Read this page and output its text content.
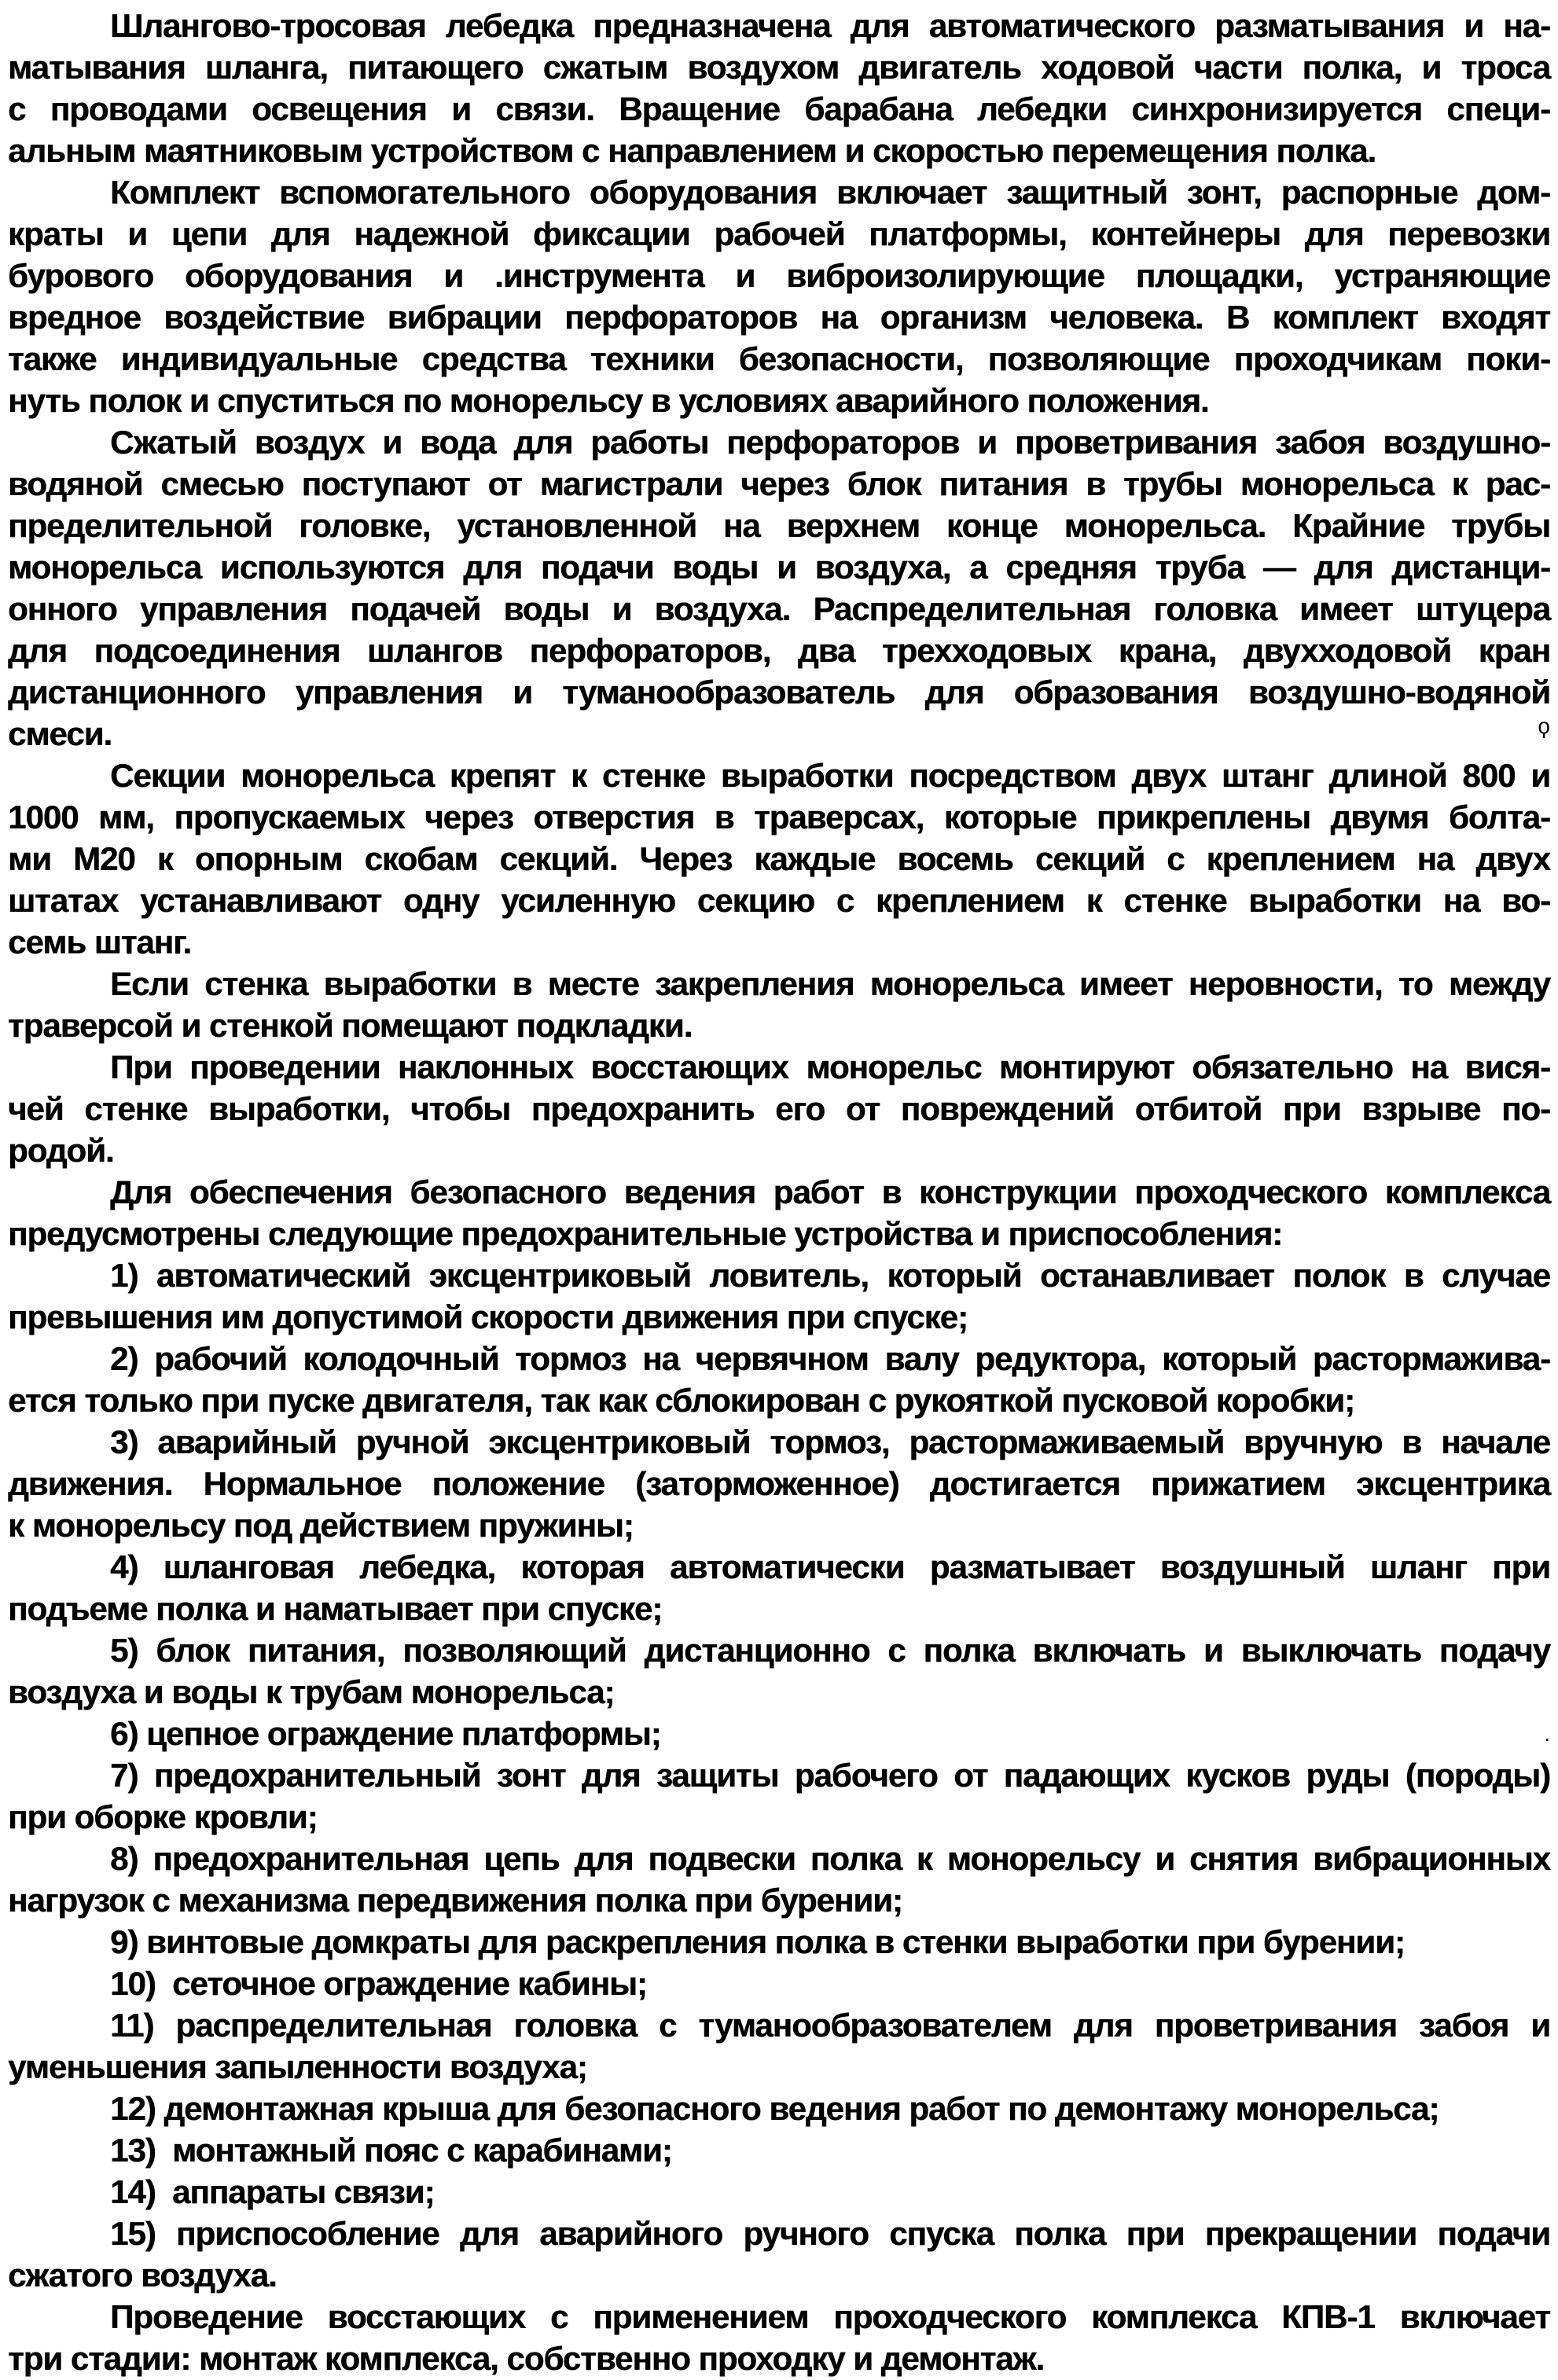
Шлангово-тросовая лебедка предназначена для автоматического разматывания и на-
матывания шланга, питающего сжатым воздухом двигатель ходовой части полка, и троса
с проводами освещения и связи. Вращение барабана лебедки синхронизируется специ-
альным маятниковым устройством с направлением и скоростью перемещения полка.
Комплект вспомогательного оборудования включает защитный зонт, распорные дом-
краты и цепи для надежной фиксации рабочей платформы, контейнеры для перевозки
бурового оборудования и .инструмента и виброизолирующие площадки, устраняющие
вредное воздействие вибрации перфораторов на организм человека. В комплект входят
также индивидуальные средства техники безопасности, позволяющие проходчикам поки-
нуть полок и спуститься по монорельсу в условиях аварийного положения.
Сжатый воздух и вода для работы перфораторов и проветривания забоя воздушно-
водяной смесью поступают от магистрали через блок питания в трубы монорельса к рас-
пределительной головке, установленной на верхнем конце монорельса. Крайние трубы
монорельса используются для подачи воды и воздуха, а средняя труба — для дистанци-
онного управления подачей воды и воздуха. Распределительная головка имеет штуцера
для подсоединения шлангов перфораторов, два трехходовых крана, двухходовой кран
дистанционного управления и туманообразователь для образования воздушно-водяной
ϙ
смеси.
Секции монорельса крепят к стенке выработки посредством двух штанг длиной 800 и
1000 мм, пропускаемых через отверстия в траверсах, которые прикреплены двумя болта-
ми М20 к опорным скобам секций. Через каждые восемь секций с креплением на двух
штатах устанавливают одну усиленную секцию с креплением к стенке выработки на во-
семь штанг.
Если стенка выработки в месте закрепления монорельса имеет неровности, то между
траверсой и стенкой помещают подкладки.
При проведении наклонных восстающих монорельс монтируют обязательно на вися-
чей стенке выработки, чтобы предохранить его от повреждений отбитой при взрыве по-
родой.
Для обеспечения безопасного ведения работ в конструкции проходческого комплекса
предусмотрены следующие предохранительные устройства и приспособления:
1) автоматический эксцентриковый ловитель, который останавливает полок в случае
превышения им допустимой скорости движения при спуске;
2) рабочий колодочный тормоз на червячном валу редуктора, который растормажива-
ется только при пуске двигателя, так как сблокирован с рукояткой пусковой коробки;
3) аварийный ручной эксцентриковый тормоз, растормаживаемый вручную в начале
движения. Нормальное положение (заторможенное) достигается прижатием эксцентрика
к монорельсу под действием пружины;
4) шланговая лебедка, которая автоматически разматывает воздушный шланг при
подъеме полка и наматывает при спуске;
5) блок питания, позволяющий дистанционно с полка включать и выключать подачу
воздуха и воды к трубам монорельса;
.
6) цепное ограждение платформы;
7) предохранительный зонт для защиты рабочего от падающих кусков руды (породы)
при оборке кровли;
8) предохранительная цепь для подвески полка к монорельсу и снятия вибрационных
нагрузок с механизма передвижения полка при бурении;
9) винтовые домкраты для раскрепления полка в стенки выработки при бурении;
10)  сеточное ограждение кабины;
11) распределительная головка с туманообразователем для проветривания забоя и
уменьшения запыленности воздуха;
12) демонтажная крыша для безопасного ведения работ по демонтажу монорельса;
13)  монтажный пояс с карабинами;
14)  аппараты связи;
15) приспособление для аварийного ручного спуска полка при прекращении подачи
сжатого воздуха.
Проведение восстающих с применением проходческого комплекса КПВ-1 включает
три стадии: монтаж комплекса, собственно проходку и демонтаж.
